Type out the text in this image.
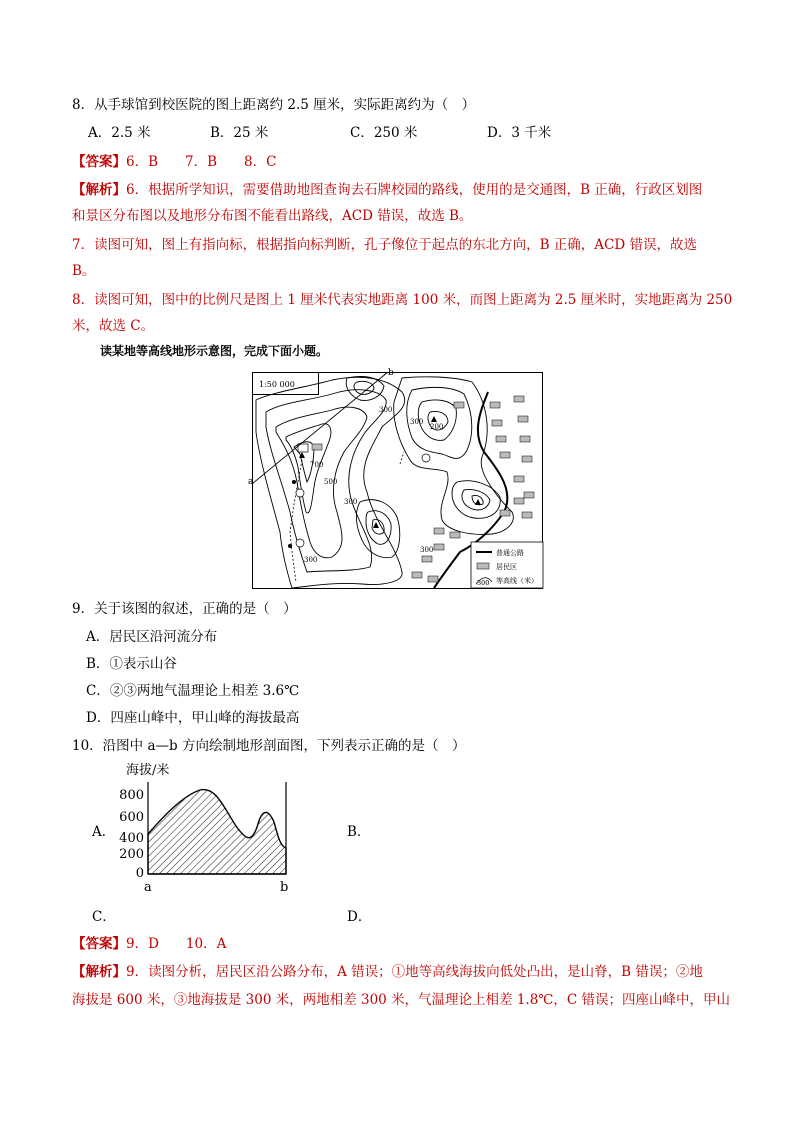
8．从手球馆到校医院的图上距离约 2.5 厘米，实际距离约为（　）
A．2.5 米	B．25 米	C．250 米	D．3 千米
【答案】6．B　　7．B　　8．C
【解析】6．根据所学知识，需要借助地图查询去石牌校园的路线，使用的是交通图，B 正确，行政区划图
和景区分布图以及地形分布图不能看出路线，ACD 错误，故选 B。
7．读图可知，图上有指向标，根据指向标判断，孔子像位于起点的东北方向，B 正确，ACD 错误，故选
B。
8．读图可知，图中的比例尺是图上 1 厘米代表实地距离 100 米，而图上距离为 2.5 厘米时，实地距离为 250
米，故选 C。
读某地等高线地形示意图，完成下面小题。
1:50 000
a
b
300
300
300
200
300
500
700
300	普通公路
居民区
300 等高线（米）
9．关于该图的叙述，正确的是（　）
A．居民区沿河流分布
B．①表示山谷
C．②③两地气温理论上相差 3.6℃
D．四座山峰中，甲山峰的海拔最高
10．沿图中 a—b 方向绘制地形剖面图，下列表示正确的是（　）
A．	B．
C．	D．
海拔/米
800
600
400
200
0
a	b
【答案】9．D　　10．A
【解析】9．读图分析，居民区沿公路分布，A 错误；①地等高线海拔向低处凸出，是山脊，B 错误；②地
海拔是 600 米，③地海拔是 300 米，两地相差 300 米，气温理论上相差 1.8℃，C 错误；四座山峰中，甲山
